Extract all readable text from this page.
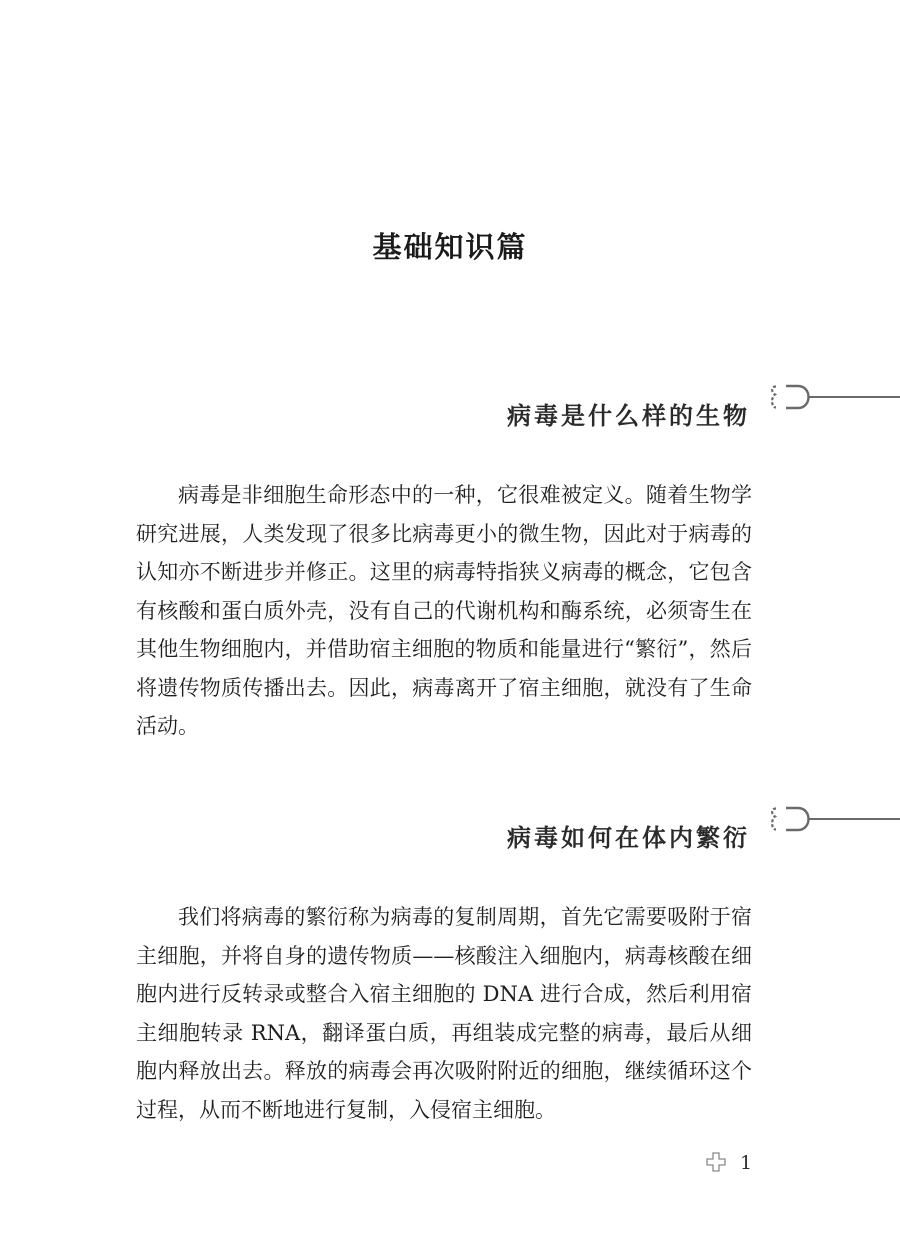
基础知识篇
病毒是什么样的生物

病毒是非细胞生命形态中的一种，它很难被定义。随着生物学研究进展，人类发现了很多比病毒更小的微生物，因此对于病毒的认知亦不断进步并修正。这里的病毒特指狭义病毒的概念，它包含有核酸和蛋白质外壳，没有自己的代谢机构和酶系统，必须寄生在其他生物细胞内，并借助宿主细胞的物质和能量进行“繁衍”，然后将遗传物质传播出去。因此，病毒离开了宿主细胞，就没有了生命活动。

病毒如何在体内繁衍

我们将病毒的繁衍称为病毒的复制周期，首先它需要吸附于宿主细胞，并将自身的遗传物质——核酸注入细胞内，病毒核酸在细胞内进行反转录或整合入宿主细胞的 DNA 进行合成，然后利用宿主细胞转录 RNA，翻译蛋白质，再组装成完整的病毒，最后从细胞内释放出去。释放的病毒会再次吸附附近的细胞，继续循环这个过程，从而不断地进行复制，入侵宿主细胞。

1
